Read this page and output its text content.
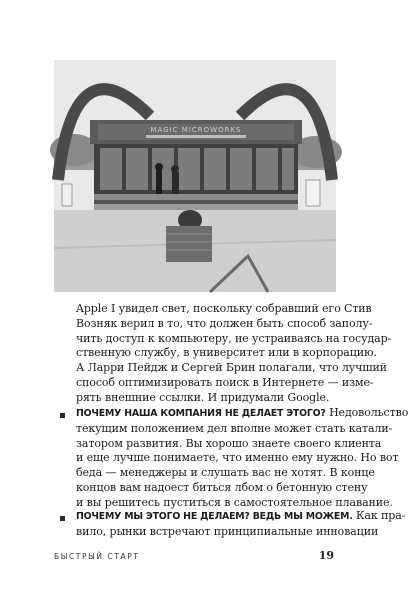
MAGIC MICROWORKS
Apple I увидел свет, поскольку собравший его Стив
Возняк верил в то, что должен быть способ заполу-
чить доступ к компьютеру, не устраиваясь на государ-
ственную службу, в университет или в корпорацию.
А Ларри Пейдж и Сергей Брин полагали, что лучший
способ оптимизировать поиск в Интернете — измe-
рять внешние ссылки. И придумали Google.
ПОЧЕМУ НАША КОМПАНИЯ НЕ ДЕЛАЕТ ЭТОГО? Недовольство
текущим положением дел вполне может стать катали-
затором развития. Вы хорошо знаете своего клиента
и еще лучше понимаете, что именно ему нужно. Но вот
беда — менеджеры и слушать вас не хотят. В конце
концов вам надоест биться лбом о бетонную стену
и вы решитесь пуститься в самостоятельное плавание.
ПОЧЕМУ МЫ ЭТОГО НЕ ДЕЛАЕМ? ВЕДЬ МЫ МОЖЕМ. Как пра-
вило, рынки встречают принципиальные инновации
БЫСТРЫЙ СТАРТ	19
